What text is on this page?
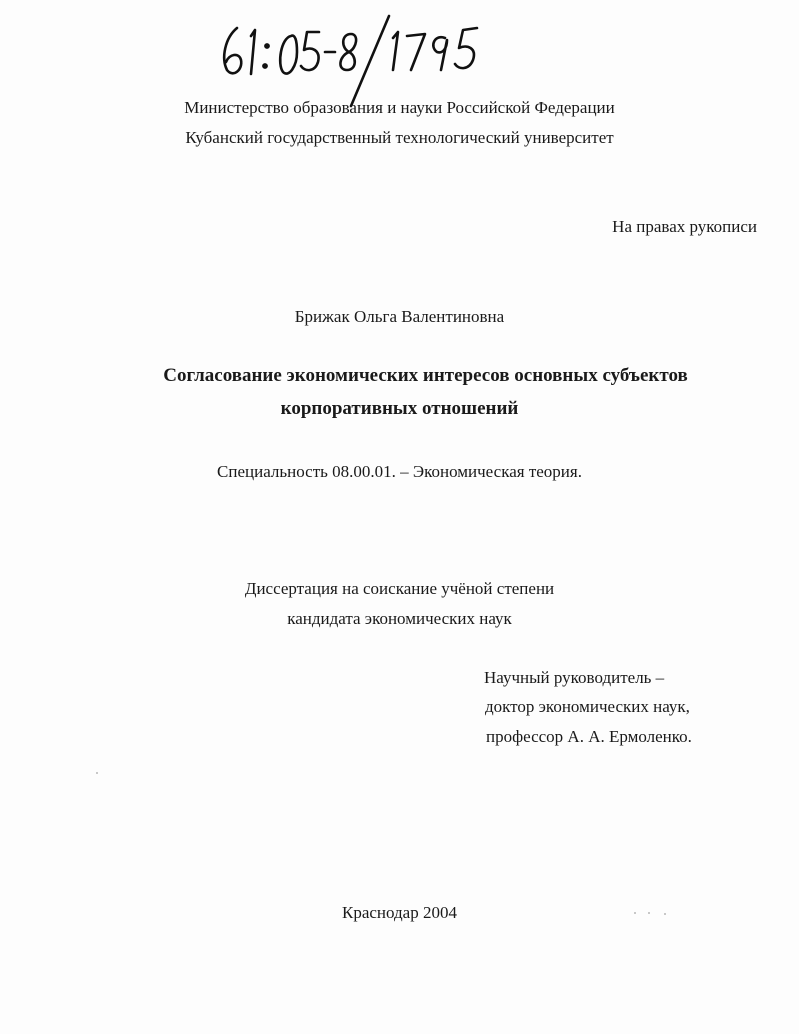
Министерство образования и науки Российской Федерации
Кубанский государственный технологический университет
На правах рукописи
Брижак Ольга Валентиновна
Согласование экономических интересов основных субъектов
корпоративных отношений
Специальность 08.00.01. – Экономическая теория.
Диссертация на соискание учёной степени
кандидата экономических наук
Научный руководитель –
доктор экономических наук,
профессор А. А. Ермоленко.
Краснодар 2004
